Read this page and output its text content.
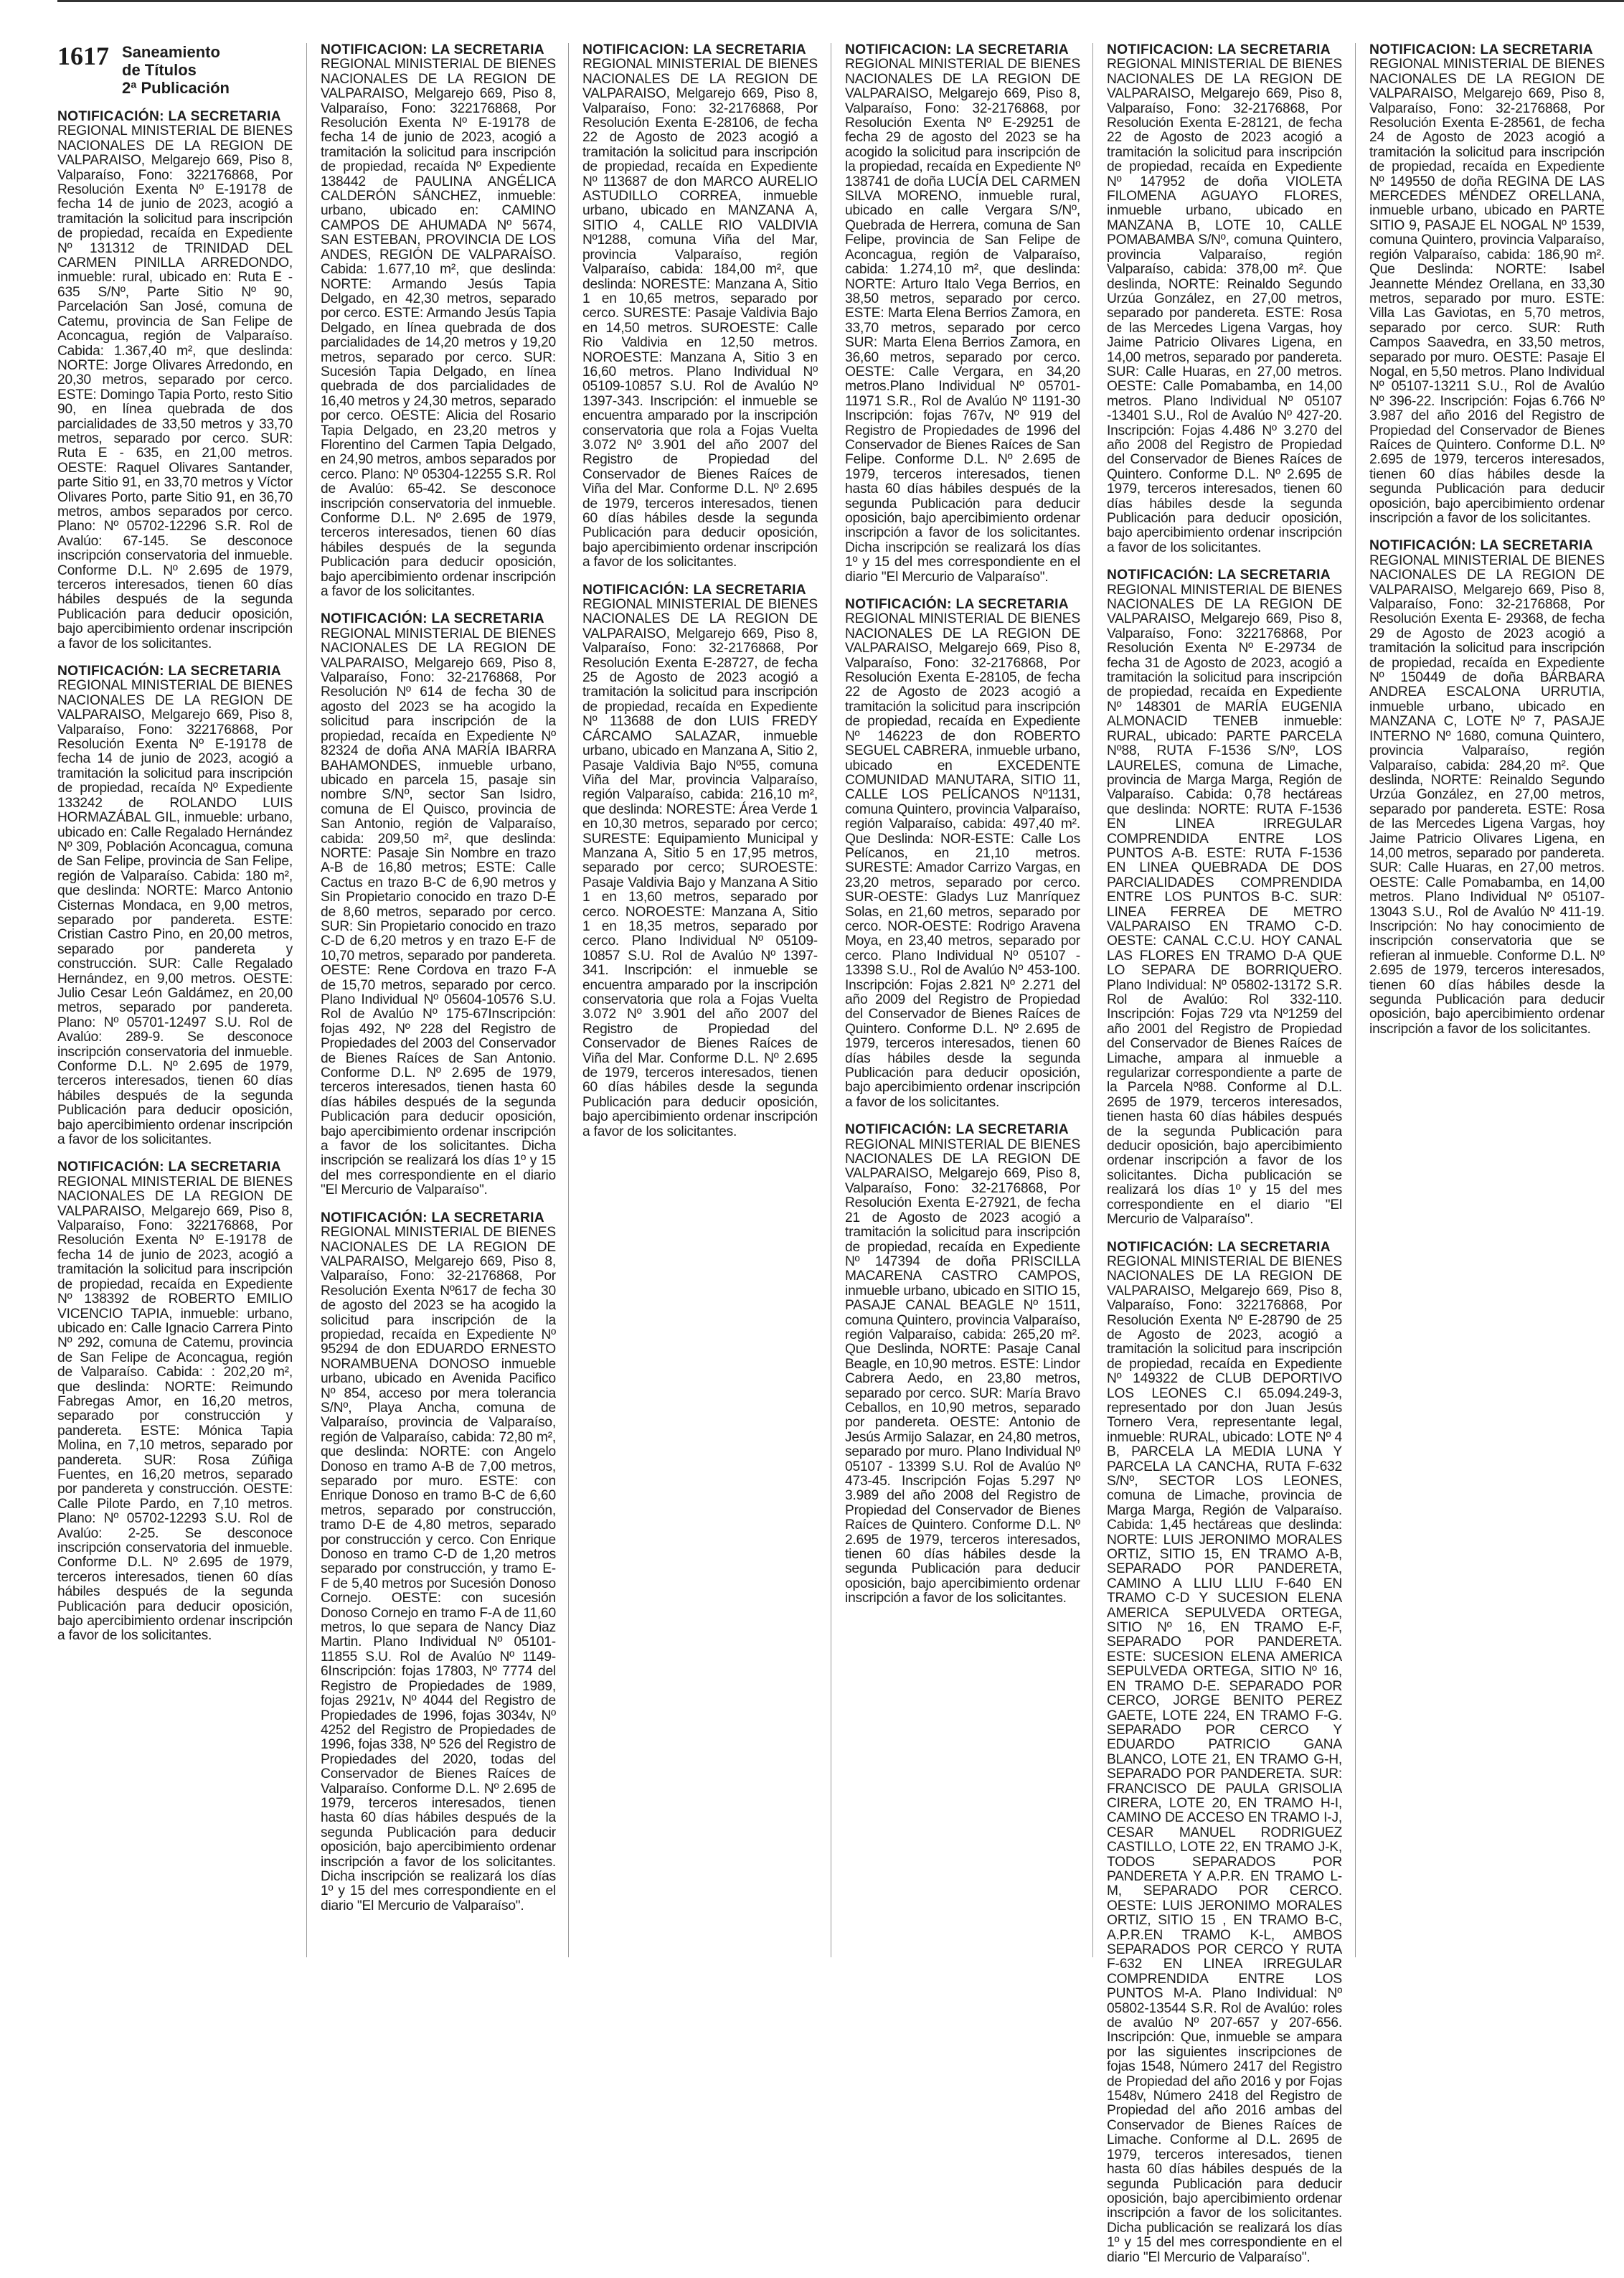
1617 Saneamiento
de Títulos
2ª Publicación
NOTIFICACIÓN: LA SECRETARIA

REGIONAL MINISTERIAL DE BIENES NACIONALES DE LA REGION DE VALPARAISO, Melgarejo 669, Piso 8, Valparaíso, Fono: 322176868, Por Resolución Exenta Nº E-19178 de fecha 14 de junio de 2023, acogió a tramitación la solicitud para inscripción de propiedad, recaída en Expediente Nº 131312 de TRINIDAD DEL CARMEN PINILLA ARREDONDO, inmueble: rural, ubicado en: Ruta E - 635 S/Nº, Parte Sitio Nº 90, Parcelación San José, comuna de Catemu, provincia de San Felipe de Aconcagua, región de Valparaíso. Cabida: 1.367,40 m², que deslinda: NORTE: Jorge Olivares Arredondo, en 20,30 metros, separado por cerco. ESTE: Domingo Tapia Porto, resto Sitio 90, en línea quebrada de dos parcialidades de 33,50 metros y 33,70 metros, separado por cerco. SUR: Ruta E - 635, en 21,00 metros. OESTE: Raquel Olivares Santander, parte Sitio 91, en 33,70 metros y Víctor Olivares Porto, parte Sitio 91, en 36,70 metros, ambos separados por cerco. Plano: Nº 05702-12296 S.R. Rol de Avalúo: 67-145. Se desconoce inscripción conservatoria del inmueble. Conforme D.L. Nº 2.695 de 1979, terceros interesados, tienen 60 días hábiles después de la segunda Publicación para deducir oposición, bajo apercibimiento ordenar inscripción a favor de los solicitantes.

NOTIFICACIÓN: LA SECRETARIA

REGIONAL MINISTERIAL DE BIENES NACIONALES DE LA REGION DE VALPARAISO, Melgarejo 669, Piso 8, Valparaíso, Fono: 322176868, Por Resolución Exenta Nº E-19178 de fecha 14 de junio de 2023, acogió a tramitación la solicitud para inscripción de propiedad, recaída Nº Expediente 133242 de ROLANDO LUIS HORMAZÁBAL GIL, inmueble: urbano, ubicado en: Calle Regalado Hernández Nº 309, Población Aconcagua, comuna de San Felipe, provincia de San Felipe, región de Valparaíso. Cabida: 180 m², que deslinda: NORTE: Marco Antonio Cisternas Mondaca, en 9,00 metros, separado por pandereta. ESTE: Cristian Castro Pino, en 20,00 metros, separado por pandereta y construcción. SUR: Calle Regalado Hernández, en 9,00 metros. OESTE: Julio Cesar León Galdámez, en 20,00 metros, separado por pandereta. Plano: Nº 05701-12497 S.U. Rol de Avalúo: 289-9. Se desconoce inscripción conservatoria del inmueble. Conforme D.L. Nº 2.695 de 1979, terceros interesados, tienen 60 días hábiles después de la segunda Publicación para deducir oposición, bajo apercibimiento ordenar inscripción a favor de los solicitantes.

NOTIFICACIÓN: LA SECRETARIA

REGIONAL MINISTERIAL DE BIENES NACIONALES DE LA REGION DE VALPARAISO, Melgarejo 669, Piso 8, Valparaíso, Fono: 322176868, Por Resolución Exenta Nº E-19178 de fecha 14 de junio de 2023, acogió a tramitación la solicitud para inscripción de propiedad, recaída en Expediente Nº 138392 de ROBERTO EMILIO VICENCIO TAPIA, inmueble: urbano, ubicado en: Calle Ignacio Carrera Pinto Nº 292, comuna de Catemu, provincia de San Felipe de Aconcagua, región de Valparaíso. Cabida: : 202,20 m², que deslinda: NORTE: Reimundo Fabregas Amor, en 16,20 metros, separado por construcción y pandereta. ESTE: Mónica Tapia Molina, en 7,10 metros, separado por pandereta. SUR: Rosa Zúñiga Fuentes, en 16,20 metros, separado por pandereta y construcción. OESTE: Calle Pilote Pardo, en 7,10 metros. Plano: Nº 05702-12293 S.U. Rol de Avalúo: 2-25. Se desconoce inscripción conservatoria del inmueble. Conforme D.L. Nº 2.695 de 1979, terceros interesados, tienen 60 días hábiles después de la segunda Publicación para deducir oposición, bajo apercibimiento ordenar inscripción a favor de los solicitantes.

NOTIFICACIÓN: LA SECRETARIA

REGIONAL MINISTERIAL DE BIENES NACIONALES DE LA REGION DE VALPARAISO, Melgarejo 669, Piso 8, Valparaíso, Fono: 322176868, Por Resolución Exenta Nº E-19178 de fecha 14 de junio de 2023, acogió a tramitación la solicitud para inscripción de propiedad, recaída Nº Expediente 138442 de PAULINA ANGÉLICA CALDERÓN SÁNCHEZ, inmueble: urbano, ubicado en: CAMINO CAMPOS DE AHUMADA Nº 5674, SAN ESTEBAN, PROVINCIA DE LOS ANDES, REGIÓN DE VALPARAÍSO. Cabida: 1.677,10 m², que deslinda: NORTE: Armando Jesús Tapia Delgado, en 42,30 metros, separado por cerco. ESTE: Armando Jesús Tapia Delgado, en línea quebrada de dos parcialidades de 14,20 metros y 19,20 metros, separado por cerco. SUR: Sucesión Tapia Delgado, en línea quebrada de dos parcialidades de 16,40 metros y 24,30 metros, separado por cerco. OESTE: Alicia del Rosario Tapia Delgado, en 23,20 metros y Florentino del Carmen Tapia Delgado, en 24,90 metros, ambos separados por cerco. Plano: Nº 05304-12255 S.R. Rol de Avalúo: 65-42. Se desconoce inscripción conservatoria del inmueble. Conforme D.L. Nº 2.695 de 1979, terceros interesados, tienen 60 días hábiles después de la segunda Publicación para deducir oposición, bajo apercibimiento ordenar inscripción a favor de los solicitantes.

NOTIFICACIÓN: LA SECRETARIA

REGIONAL MINISTERIAL DE BIENES NACIONALES DE LA REGION DE VALPARAISO, Melgarejo 669, Piso 8, Valparaíso, Fono: 32-2176868, Por Resolución Nº 614 de fecha 30 de agosto del 2023 se ha acogido la solicitud para inscripción de la propiedad, recaída en Expediente Nº 82324 de doña ANA MARÍA IBARRA BAHAMONDES, inmueble urbano, ubicado en parcela 15, pasaje sin nombre S/Nº, sector San Isidro, comuna de El Quisco, provincia de San Antonio, región de Valparaíso, cabida: 209,50 m², que deslinda: NORTE: Pasaje Sin Nombre en trazo A-B de 16,80 metros; ESTE: Calle Cactus en trazo B-C de 6,90 metros y Sin Propietario conocido en trazo D-E de 8,60 metros, separado por cerco. SUR: Sin Propietario conocido en trazo C-D de 6,20 metros y en trazo E-F de 10,70 metros, separado por pandereta. OESTE: Rene Cordova en trazo F-A de 15,70 metros, separado por cerco. Plano Individual Nº 05604-10576 S.U. Rol de Avalúo Nº 175-67Inscripción: fojas 492, Nº 228 del Registro de Propiedades del 2003 del Conservador de Bienes Raíces de San Antonio. Conforme D.L. Nº 2.695 de 1979, terceros interesados, tienen hasta 60 días hábiles después de la segunda Publicación para deducir oposición, bajo apercibimiento ordenar inscripción a favor de los solicitantes. Dicha inscripción se realizará los días 1º y 15 del mes correspondiente en el diario "El Mercurio de Valparaíso".

NOTIFICACIÓN: LA SECRETARIA

REGIONAL MINISTERIAL DE BIENES NACIONALES DE LA REGION DE VALPARAISO, Melgarejo 669, Piso 8, Valparaíso, Fono: 32-2176868, Por Resolución Exenta Nº617 de fecha 30 de agosto del 2023 se ha acogido la solicitud para inscripción de la propiedad, recaída en Expediente Nº 95294 de don EDUARDO ERNESTO NORAMBUENA DONOSO inmueble urbano, ubicado en Avenida Pacifico Nº 854, acceso por mera tolerancia S/Nº, Playa Ancha, comuna de Valparaíso, provincia de Valparaíso, región de Valparaíso, cabida: 72,80 m², que deslinda: NORTE: con Angelo Donoso en tramo A-B de 7,00 metros, separado por muro. ESTE: con Enrique Donoso en tramo B-C de 6,60 metros, separado por construcción, tramo D-E de 4,80 metros, separado por construcción y cerco. Con Enrique Donoso en tramo C-D de 1,20 metros separado por construcción, y tramo E-F de 5,40 metros por Sucesión Donoso Cornejo. OESTE: con sucesión Donoso Cornejo en tramo F-A de 11,60 metros, lo que separa de Nancy Diaz Martin. Plano Individual Nº 05101-11855 S.U. Rol de Avalúo Nº 1149-6Inscripción: fojas 17803, Nº 7774 del Registro de Propiedades de 1989, fojas 2921v, Nº 4044 del Registro de Propiedades de 1996, fojas 3034v, Nº 4252 del Registro de Propiedades de 1996, fojas 338, Nº 526 del Registro de Propiedades del 2020, todas del Conservador de Bienes Raíces de Valparaíso. Conforme D.L. Nº 2.695 de 1979, terceros interesados, tienen hasta 60 días hábiles después de la segunda Publicación para deducir oposición, bajo apercibimiento ordenar inscripción a favor de los solicitantes. Dicha inscripción se realizará los días 1º y 15 del mes correspondiente en el diario "El Mercurio de Valparaíso".

NOTIFICACIÓN: LA SECRETARIA

REGIONAL MINISTERIAL DE BIENES NACIONALES DE LA REGION DE VALPARAISO, Melgarejo 669, Piso 8, Valparaíso, Fono: 32-2176868, Por Resolución Exenta E-28106, de fecha 22 de Agosto de 2023 acogió a tramitación la solicitud para inscripción de propiedad, recaída en Expediente Nº 113687 de don MARCO AURELIO ASTUDILLO CORREA, inmueble urbano, ubicado en MANZANA A, SITIO 4, CALLE RIO VALDIVIA Nº1288, comuna Viña del Mar, provincia Valparaíso, región Valparaíso, cabida: 184,00 m², que deslinda: NORESTE: Manzana A, Sitio 1 en 10,65 metros, separado por cerco. SURESTE: Pasaje Valdivia Bajo en 14,50 metros. SUROESTE: Calle Rio Valdivia en 12,50 metros. NOROESTE: Manzana A, Sitio 3 en 16,60 metros. Plano Individual Nº 05109-10857 S.U. Rol de Avalúo Nº 1397-343. Inscripción: el inmueble se encuentra amparado por la inscripción conservatoria que rola a Fojas Vuelta 3.072 Nº 3.901 del año 2007 del Registro de Propiedad del Conservador de Bienes Raíces de Viña del Mar. Conforme D.L. Nº 2.695 de 1979, terceros interesados, tienen 60 días hábiles desde la segunda Publicación para deducir oposición, bajo apercibimiento ordenar inscripción a favor de los solicitantes.

NOTIFICACIÓN: LA SECRETARIA

REGIONAL MINISTERIAL DE BIENES NACIONALES DE LA REGION DE VALPARAISO, Melgarejo 669, Piso 8, Valparaíso, Fono: 32-2176868, Por Resolución Exenta E-28727, de fecha 25 de Agosto de 2023 acogió a tramitación la solicitud para inscripción de propiedad, recaída en Expediente Nº 113688 de don LUIS FREDY CÁRCAMO SALAZAR, inmueble urbano, ubicado en Manzana A, Sitio 2, Pasaje Valdivia Bajo Nº55, comuna Viña del Mar, provincia Valparaíso, región Valparaíso, cabida: 216,10 m², que deslinda: NORESTE: Área Verde 1 en 10,30 metros, separado por cerco; SURESTE: Equipamiento Municipal y Manzana A, Sitio 5 en 17,95 metros, separado por cerco; SUROESTE: Pasaje Valdivia Bajo y Manzana A Sitio 1 en 13,60 metros, separado por cerco. NOROESTE: Manzana A, Sitio 1 en 18,35 metros, separado por cerco. Plano Individual Nº 05109-10857 S.U. Rol de Avalúo Nº 1397-341. Inscripción: el inmueble se encuentra amparado por la inscripción conservatoria que rola a Fojas Vuelta 3.072 Nº 3.901 del año 2007 del Registro de Propiedad del Conservador de Bienes Raíces de Viña del Mar. Conforme D.L. Nº 2.695 de 1979, terceros interesados, tienen 60 días hábiles desde la segunda Publicación para deducir oposición, bajo apercibimiento ordenar inscripción a favor de los solicitantes.

NOTIFICACIÓN: LA SECRETARIA

REGIONAL MINISTERIAL DE BIENES NACIONALES DE LA REGION DE VALPARAISO, Melgarejo 669, Piso 8, Valparaíso, Fono: 32-2176868, por Resolución Exenta Nº E-29251 de fecha 29 de agosto del 2023 se ha acogido la solicitud para inscripción de la propiedad, recaída en Expediente Nº 138741 de doña LUCÍA DEL CARMEN SILVA MORENO, inmueble rural, ubicado en calle Vergara S/Nº, Quebrada de Herrera, comuna de San Felipe, provincia de San Felipe de Aconcagua, región de Valparaíso, cabida: 1.274,10 m², que deslinda: NORTE: Arturo Italo Vega Berrios, en 38,50 metros, separado por cerco. ESTE: Marta Elena Berrios Zamora, en 33,70 metros, separado por cerco SUR: Marta Elena Berrios Zamora, en 36,60 metros, separado por cerco. OESTE: Calle Vergara, en 34,20 metros.Plano Individual Nº 05701-11971 S.R., Rol de Avalúo Nº 1191-30 Inscripción: fojas 767v, Nº 919 del Registro de Propiedades de 1996 del Conservador de Bienes Raíces de San Felipe. Conforme D.L. Nº 2.695 de 1979, terceros interesados, tienen hasta 60 días hábiles después de la segunda Publicación para deducir oposición, bajo apercibimiento ordenar inscripción a favor de los solicitantes. Dicha inscripción se realizará los días 1º y 15 del mes correspondiente en el diario "El Mercurio de Valparaíso".

NOTIFICACIÓN: LA SECRETARIA

REGIONAL MINISTERIAL DE BIENES NACIONALES DE LA REGION DE VALPARAISO, Melgarejo 669, Piso 8, Valparaíso, Fono: 32-2176868, Por Resolución Exenta E-28105, de fecha 22 de Agosto de 2023 acogió a tramitación la solicitud para inscripción de propiedad, recaída en Expediente Nº 146223 de don ROBERTO SEGUEL CABRERA, inmueble urbano, ubicado en EXCEDENTE COMUNIDAD MANUTARA, SITIO 11, CALLE LOS PELÍCANOS Nº1131, comuna Quintero, provincia Valparaíso, región Valparaíso, cabida: 497,40 m². Que Deslinda: NOR-ESTE: Calle Los Pelícanos, en 21,10 metros. SURESTE: Amador Carrizo Vargas, en 23,20 metros, separado por cerco. SUR-OESTE: Gladys Luz Manríquez Solas, en 21,60 metros, separado por cerco. NOR-OESTE: Rodrigo Aravena Moya, en 23,40 metros, separado por cerco. Plano Individual Nº 05107 - 13398 S.U., Rol de Avalúo Nº 453-100. Inscripción: Fojas 2.821 Nº 2.271 del año 2009 del Registro de Propiedad del Conservador de Bienes Raíces de Quintero. Conforme D.L. Nº 2.695 de 1979, terceros interesados, tienen 60 días hábiles desde la segunda Publicación para deducir oposición, bajo apercibimiento ordenar inscripción a favor de los solicitantes.

NOTIFICACIÓN: LA SECRETARIA

REGIONAL MINISTERIAL DE BIENES NACIONALES DE LA REGION DE VALPARAISO, Melgarejo 669, Piso 8, Valparaíso, Fono: 32-2176868, Por Resolución Exenta E-27921, de fecha 21 de Agosto de 2023 acogió a tramitación la solicitud para inscripción de propiedad, recaída en Expediente Nº 147394 de doña PRISCILLA MACARENA CASTRO CAMPOS, inmueble urbano, ubicado en SITIO 15, PASAJE CANAL BEAGLE Nº 1511, comuna Quintero, provincia Valparaíso, región Valparaíso, cabida: 265,20 m². Que Deslinda, NORTE: Pasaje Canal Beagle, en 10,90 metros. ESTE: Lindor Cabrera Aedo, en 23,80 metros, separado por cerco. SUR: María Bravo Ceballos, en 10,90 metros, separado por pandereta. OESTE: Antonio de Jesús Armijo Salazar, en 24,80 metros, separado por muro. Plano Individual Nº 05107 - 13399 S.U. Rol de Avalúo Nº 473-45. Inscripción Fojas 5.297 Nº 3.989 del año 2008 del Registro de Propiedad del Conservador de Bienes Raíces de Quintero. Conforme D.L. Nº 2.695 de 1979, terceros interesados, tienen 60 días hábiles desde la segunda Publicación para deducir oposición, bajo apercibimiento ordenar inscripción a favor de los solicitantes.

NOTIFICACIÓN: LA SECRETARIA

REGIONAL MINISTERIAL DE BIENES NACIONALES DE LA REGION DE VALPARAISO, Melgarejo 669, Piso 8, Valparaíso, Fono: 32-2176868, Por Resolución Exenta E-28121, de fecha 22 de Agosto de 2023 acogió a tramitación la solicitud para inscripción de propiedad, recaída en Expediente Nº 147952 de doña VIOLETA FILOMENA AGUAYO FLORES, inmueble urbano, ubicado en MANZANA B, LOTE 10, CALLE POMABAMBA S/Nº, comuna Quintero, provincia Valparaíso, región Valparaíso, cabida: 378,00 m². Que deslinda, NORTE: Reinaldo Segundo Urzúa González, en 27,00 metros, separado por pandereta. ESTE: Rosa de las Mercedes Ligena Vargas, hoy Jaime Patricio Olivares Ligena, en 14,00 metros, separado por pandereta. SUR: Calle Huaras, en 27,00 metros. OESTE: Calle Pomabamba, en 14,00 metros. Plano Individual Nº 05107 -13401 S.U., Rol de Avalúo Nº 427-20. Inscripción: Fojas 4.486 Nº 3.270 del año 2008 del Registro de Propiedad del Conservador de Bienes Raíces de Quintero. Conforme D.L. Nº 2.695 de 1979, terceros interesados, tienen 60 días hábiles desde la segunda Publicación para deducir oposición, bajo apercibimiento ordenar inscripción a favor de los solicitantes.

NOTIFICACIÓN: LA SECRETARIA

REGIONAL MINISTERIAL DE BIENES NACIONALES DE LA REGION DE VALPARAISO, Melgarejo 669, Piso 8, Valparaíso, Fono: 322176868, Por Resolución Exenta Nº E-29734 de fecha 31 de Agosto de 2023, acogió a tramitación la solicitud para inscripción de propiedad, recaída en Expediente Nº 148301 de MARÍA EUGENIA ALMONACID TENEB inmueble: RURAL, ubicado: PARTE PARCELA Nº88, RUTA F-1536 S/Nº, LOS LAURELES, comuna de Limache, provincia de Marga Marga, Región de Valparaíso. Cabida: 0,78 hectáreas que deslinda: NORTE: RUTA F-1536 EN LINEA IRREGULAR COMPRENDIDA ENTRE LOS PUNTOS A-B. ESTE: RUTA F-1536 EN LINEA QUEBRADA DE DOS PARCIALIDADES COMPRENDIDA ENTRE LOS PUNTOS B-C. SUR: LINEA FERREA DE METRO VALPARAISO EN TRAMO C-D. OESTE: CANAL C.C.U. HOY CANAL LAS FLORES EN TRAMO D-A QUE LO SEPARA DE BORRIQUERO. Plano Individual: Nº 05802-13172 S.R. Rol de Avalúo: Rol 332-110. Inscripción: Fojas 729 vta Nº1259 del año 2001 del Registro de Propiedad del Conservador de Bienes Raíces de Limache, ampara al inmueble a regularizar correspondiente a parte de la Parcela Nº88. Conforme al D.L. 2695 de 1979, terceros interesados, tienen hasta 60 días hábiles después de la segunda Publicación para deducir oposición, bajo apercibimiento ordenar inscripción a favor de los solicitantes. Dicha publicación se realizará los días 1º y 15 del mes correspondiente en el diario "El Mercurio de Valparaíso".

NOTIFICACIÓN: LA SECRETARIA

REGIONAL MINISTERIAL DE BIENES NACIONALES DE LA REGION DE VALPARAISO, Melgarejo 669, Piso 8, Valparaíso, Fono: 322176868, Por Resolución Exenta Nº E-28790 de 25 de Agosto de 2023, acogió a tramitación la solicitud para inscripción de propiedad, recaída en Expediente Nº 149322 de CLUB DEPORTIVO LOS LEONES C.I 65.094.249-3, representado por don Juan Jesús Tornero Vera, representante legal, inmueble: RURAL, ubicado: LOTE Nº 4 B, PARCELA LA MEDIA LUNA Y PARCELA LA CANCHA, RUTA F-632 S/Nº, SECTOR LOS LEONES, comuna de Limache, provincia de Marga Marga, Región de Valparaíso. Cabida: 1,45 hectáreas que deslinda: NORTE: LUIS JERONIMO MORALES ORTIZ, SITIO 15, EN TRAMO A-B, SEPARADO POR PANDERETA, CAMINO A LLIU LLIU F-640 EN TRAMO C-D Y SUCESION ELENA AMERICA SEPULVEDA ORTEGA, SITIO Nº 16, EN TRAMO E-F, SEPARADO POR PANDERETA. ESTE: SUCESION ELENA AMERICA SEPULVEDA ORTEGA, SITIO Nº 16, EN TRAMO D-E. SEPARADO POR CERCO, JORGE BENITO PEREZ GAETE, LOTE 224, EN TRAMO F-G. SEPARADO POR CERCO Y EDUARDO PATRICIO GANA BLANCO, LOTE 21, EN TRAMO G-H, SEPARADO POR PANDERETA. SUR: FRANCISCO DE PAULA GRISOLIA CIRERA, LOTE 20, EN TRAMO H-I, CAMINO DE ACCESO EN TRAMO I-J, CESAR MANUEL RODRIGUEZ CASTILLO, LOTE 22, EN TRAMO J-K, TODOS SEPARADOS POR PANDERETA Y A.P.R. EN TRAMO L-M, SEPARADO POR CERCO. OESTE: LUIS JERONIMO MORALES ORTIZ, SITIO 15 , EN TRAMO B-C, A.P.R.EN TRAMO K-L, AMBOS SEPARADOS POR CERCO Y RUTA F-632 EN LINEA IRREGULAR COMPRENDIDA ENTRE LOS PUNTOS M-A. Plano Individual: Nº 05802-13544 S.R. Rol de Avalúo: roles de avalúo Nº 207-657 y 207-656. Inscripción: Que, inmueble se ampara por las siguientes inscripciones de fojas 1548, Número 2417 del Registro de Propiedad del año 2016 y por Fojas 1548v, Número 2418 del Registro de Propiedad del año 2016 ambas del Conservador de Bienes Raíces de Limache. Conforme al D.L. 2695 de 1979, terceros interesados, tienen hasta 60 días hábiles después de la segunda Publicación para deducir oposición, bajo apercibimiento ordenar inscripción a favor de los solicitantes. Dicha publicación se realizará los días 1º y 15 del mes correspondiente en el diario "El Mercurio de Valparaíso".

NOTIFICACIÓN: LA SECRETARIA

REGIONAL MINISTERIAL DE BIENES NACIONALES DE LA REGION DE VALPARAISO, Melgarejo 669, Piso 8, Valparaíso, Fono: 32-2176868, Por Resolución Exenta E-28561, de fecha 24 de Agosto de 2023 acogió a tramitación la solicitud para inscripción de propiedad, recaída en Expediente Nº 149550 de doña REGINA DE LAS MERCEDES MÉNDEZ ORELLANA, inmueble urbano, ubicado en PARTE SITIO 9, PASAJE EL NOGAL Nº 1539, comuna Quintero, provincia Valparaíso, región Valparaíso, cabida: 186,90 m². Que Deslinda: NORTE: Isabel Jeannette Méndez Orellana, en 33,30 metros, separado por muro. ESTE: Villa Las Gaviotas, en 5,70 metros, separado por cerco. SUR: Ruth Campos Saavedra, en 33,50 metros, separado por muro. OESTE: Pasaje El Nogal, en 5,50 metros. Plano Individual Nº 05107-13211 S.U., Rol de Avalúo Nº 396-22. Inscripción: Fojas 6.766 Nº 3.987 del año 2016 del Registro de Propiedad del Conservador de Bienes Raíces de Quintero. Conforme D.L. Nº 2.695 de 1979, terceros interesados, tienen 60 días hábiles desde la segunda Publicación para deducir oposición, bajo apercibimiento ordenar inscripción a favor de los solicitantes.

NOTIFICACIÓN: LA SECRETARIA

REGIONAL MINISTERIAL DE BIENES NACIONALES DE LA REGION DE VALPARAISO, Melgarejo 669, Piso 8, Valparaíso, Fono: 32-2176868, Por Resolución Exenta E- 29368, de fecha 29 de Agosto de 2023 acogió a tramitación la solicitud para inscripción de propiedad, recaída en Expediente Nº 150449 de doña BÁRBARA ANDREA ESCALONA URRUTIA, inmueble urbano, ubicado en MANZANA C, LOTE Nº 7, PASAJE INTERNO Nº 1680, comuna Quintero, provincia Valparaíso, región Valparaíso, cabida: 284,20 m². Que deslinda, NORTE: Reinaldo Segundo Urzúa González, en 27,00 metros, separado por pandereta. ESTE: Rosa de las Mercedes Ligena Vargas, hoy Jaime Patricio Olivares Ligena, en 14,00 metros, separado por pandereta. SUR: Calle Huaras, en 27,00 metros. OESTE: Calle Pomabamba, en 14,00 metros. Plano Individual Nº 05107-13043 S.U., Rol de Avalúo Nº 411-19. Inscripción: No hay conocimiento de inscripción conservatoria que se refieran al inmueble. Conforme D.L. Nº 2.695 de 1979, terceros interesados, tienen 60 días hábiles desde la segunda Publicación para deducir oposición, bajo apercibimiento ordenar inscripción a favor de los solicitantes.
